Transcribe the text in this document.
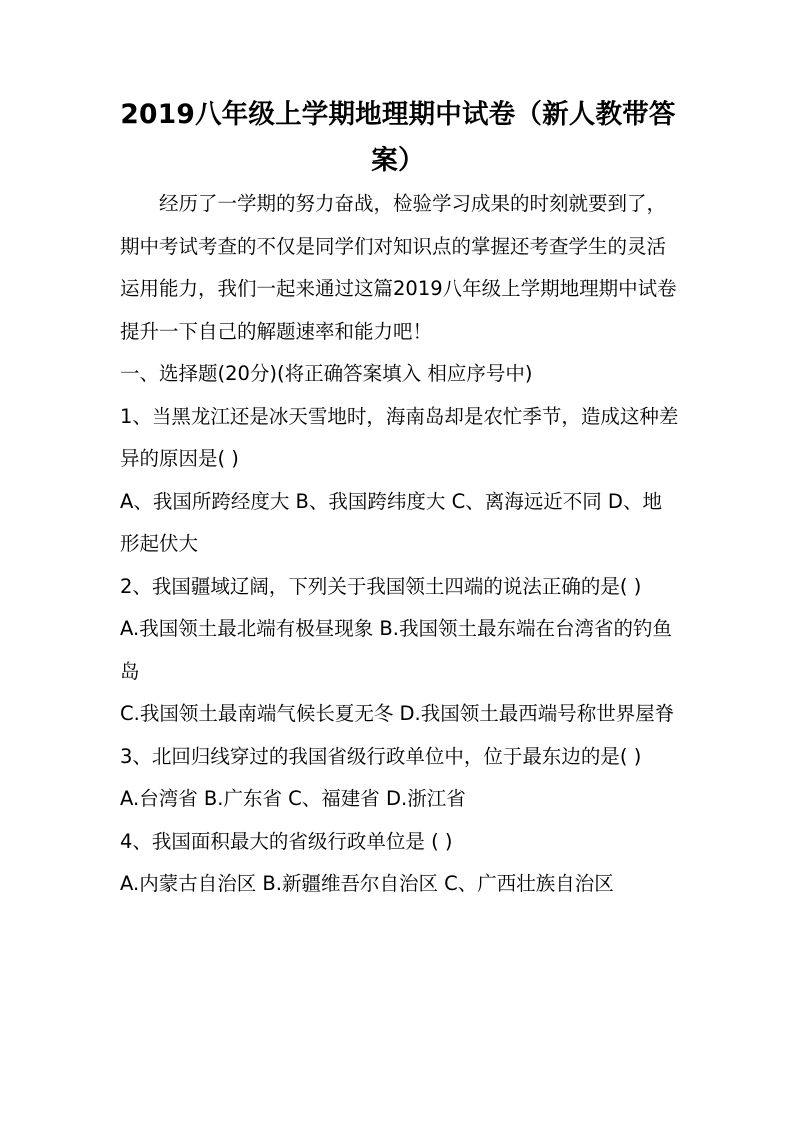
2019八年级上学期地理期中试卷（新人教带答案）

经历了一学期的努力奋战，检验学习成果的时刻就要到了，期中考试考查的不仅是同学们对知识点的掌握还考查学生的灵活运用能力，我们一起来通过这篇2019八年级上学期地理期中试卷提升一下自己的解题速率和能力吧！

一、选择题(20分)(将正确答案填入 相应序号中)

1、当黑龙江还是冰天雪地时，海南岛却是农忙季节，造成这种差异的原因是( )

A、我国所跨经度大 B、我国跨纬度大 C、离海远近不同 D、地形起伏大

2、我国疆域辽阔，下列关于我国领土四端的说法正确的是( )

A.我国领土最北端有极昼现象 B.我国领土最东端在台湾省的钓鱼岛

C.我国领土最南端气候长夏无冬 D.我国领土最西端号称世界屋脊

3、北回归线穿过的我国省级行政单位中，位于最东边的是( )

A.台湾省 B.广东省 C、福建省 D.浙江省

4、我国面积最大的省级行政单位是 ( )

A.内蒙古自治区 B.新疆维吾尔自治区 C、广西壮族自治区
